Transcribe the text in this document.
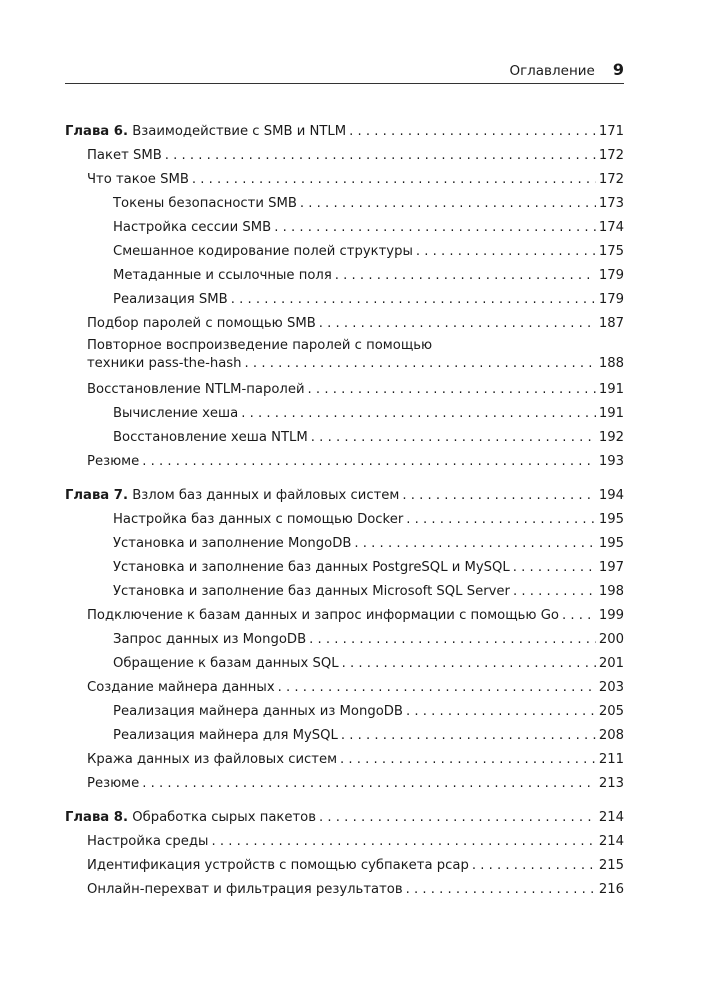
Оглавление 9
Глава 6. Взаимодействие с SMB и NTLM . . .	171
Пакет SMB . . .	172
Что такое SMB . . .	172
Токены безопасности SMB . . .	173
Настройка сессии SMB . . .	174
Смешанное кодирование полей структуры . . .	175
Метаданные и ссылочные поля . . .	179
Реализация SMB . . .	179
Подбор паролей с помощью SMB . . .	187
Повторное воспроизведение паролей с помощью
техники pass-the-hash . . .	188
Восстановление NTLM-паролей . . .	191
Вычисление хеша . . .	191
Восстановление хеша NTLM . . .	192
Резюме . . .	193
Глава 7. Взлом баз данных и файловых систем . . .	194
Настройка баз данных с помощью Docker . . .	195
Установка и заполнение MongoDB . . .	195
Установка и заполнение баз данных PostgreSQL и MySQL . . .	197
Установка и заполнение баз данных Microsoft SQL Server . . .	198
Подключение к базам данных и запрос информации с помощью Go . . .	199
Запрос данных из MongoDB . . .	200
Обращение к базам данных SQL . . .	201
Создание майнера данных . . .	203
Реализация майнера данных из MongoDB . . .	205
Реализация майнера для MySQL . . .	208
Кража данных из файловых систем . . .	211
Резюме . . .	213
Глава 8. Обработка сырых пакетов . . .	214
Настройка среды . . .	214
Идентификация устройств с помощью субпакета pcap . . .	215
Онлайн-перехват и фильтрация результатов . . .	216
